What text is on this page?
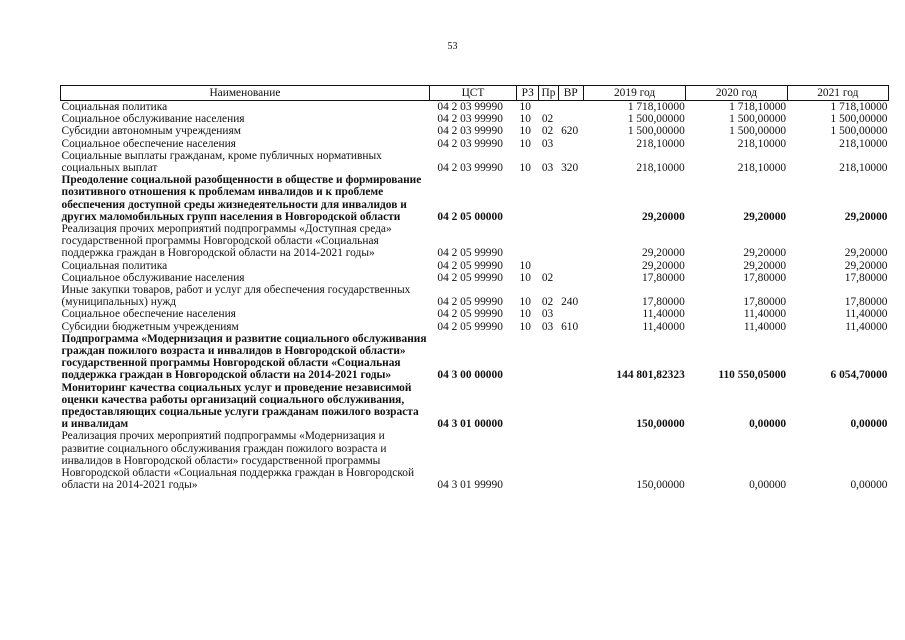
53
Наименование	ЦСТ	РЗ	Пр	ВР	2019 год	2020 год	2021 год
Социальная политика	04 2 03 99990	10			1 718,10000	1 718,10000	1 718,10000
Социальное обслуживание населения	04 2 03 99990	10	02		1 500,00000	1 500,00000	1 500,00000
Субсидии автономным учреждениям	04 2 03 99990	10	02	620	1 500,00000	1 500,00000	1 500,00000
Социальное обеспечение населения	04 2 03 99990	10	03		218,10000	218,10000	218,10000
Социальные выплаты гражданам, кроме публичных нормативных социальных выплат	04 2 03 99990	10	03	320	218,10000	218,10000	218,10000
Преодоление социальной разобщенности в обществе и формирование позитивного отношения к проблемам инвалидов и к проблеме обеспечения доступной среды жизнедеятельности для инвалидов и других маломобильных групп населения в Новгородской области	04 2 05 00000				29,20000	29,20000	29,20000
Реализация прочих мероприятий подпрограммы «Доступная среда» государственной программы Новгородской области «Социальная поддержка граждан в Новгородской области на 2014-2021 годы»	04 2 05 99990				29,20000	29,20000	29,20000
Социальная политика	04 2 05 99990	10			29,20000	29,20000	29,20000
Социальное обслуживание населения	04 2 05 99990	10	02		17,80000	17,80000	17,80000
Иные закупки товаров, работ и услуг для обеспечения государственных (муниципальных) нужд	04 2 05 99990	10	02	240	17,80000	17,80000	17,80000
Социальное обеспечение населения	04 2 05 99990	10	03		11,40000	11,40000	11,40000
Субсидии бюджетным учреждениям	04 2 05 99990	10	03	610	11,40000	11,40000	11,40000
Подпрограмма «Модернизация и развитие социального обслуживания граждан пожилого возраста и инвалидов в Новгородской области» государственной программы Новгородской области «Социальная поддержка граждан в Новгородской области на 2014-2021 годы»	04 3 00 00000				144 801,82323	110 550,05000	6 054,70000
Мониторинг качества социальных услуг и проведение независимой оценки качества работы организаций социального обслуживания, предоставляющих социальные услуги гражданам пожилого возраста и инвалидам	04 3 01 00000				150,00000	0,00000	0,00000
Реализация прочих мероприятий подпрограммы «Модернизация и развитие социального обслуживания граждан пожилого возраста и инвалидов в Новгородской области» государственной программы Новгородской области «Социальная поддержка граждан в Новгородской области на 2014-2021 годы»	04 3 01 99990				150,00000	0,00000	0,00000
